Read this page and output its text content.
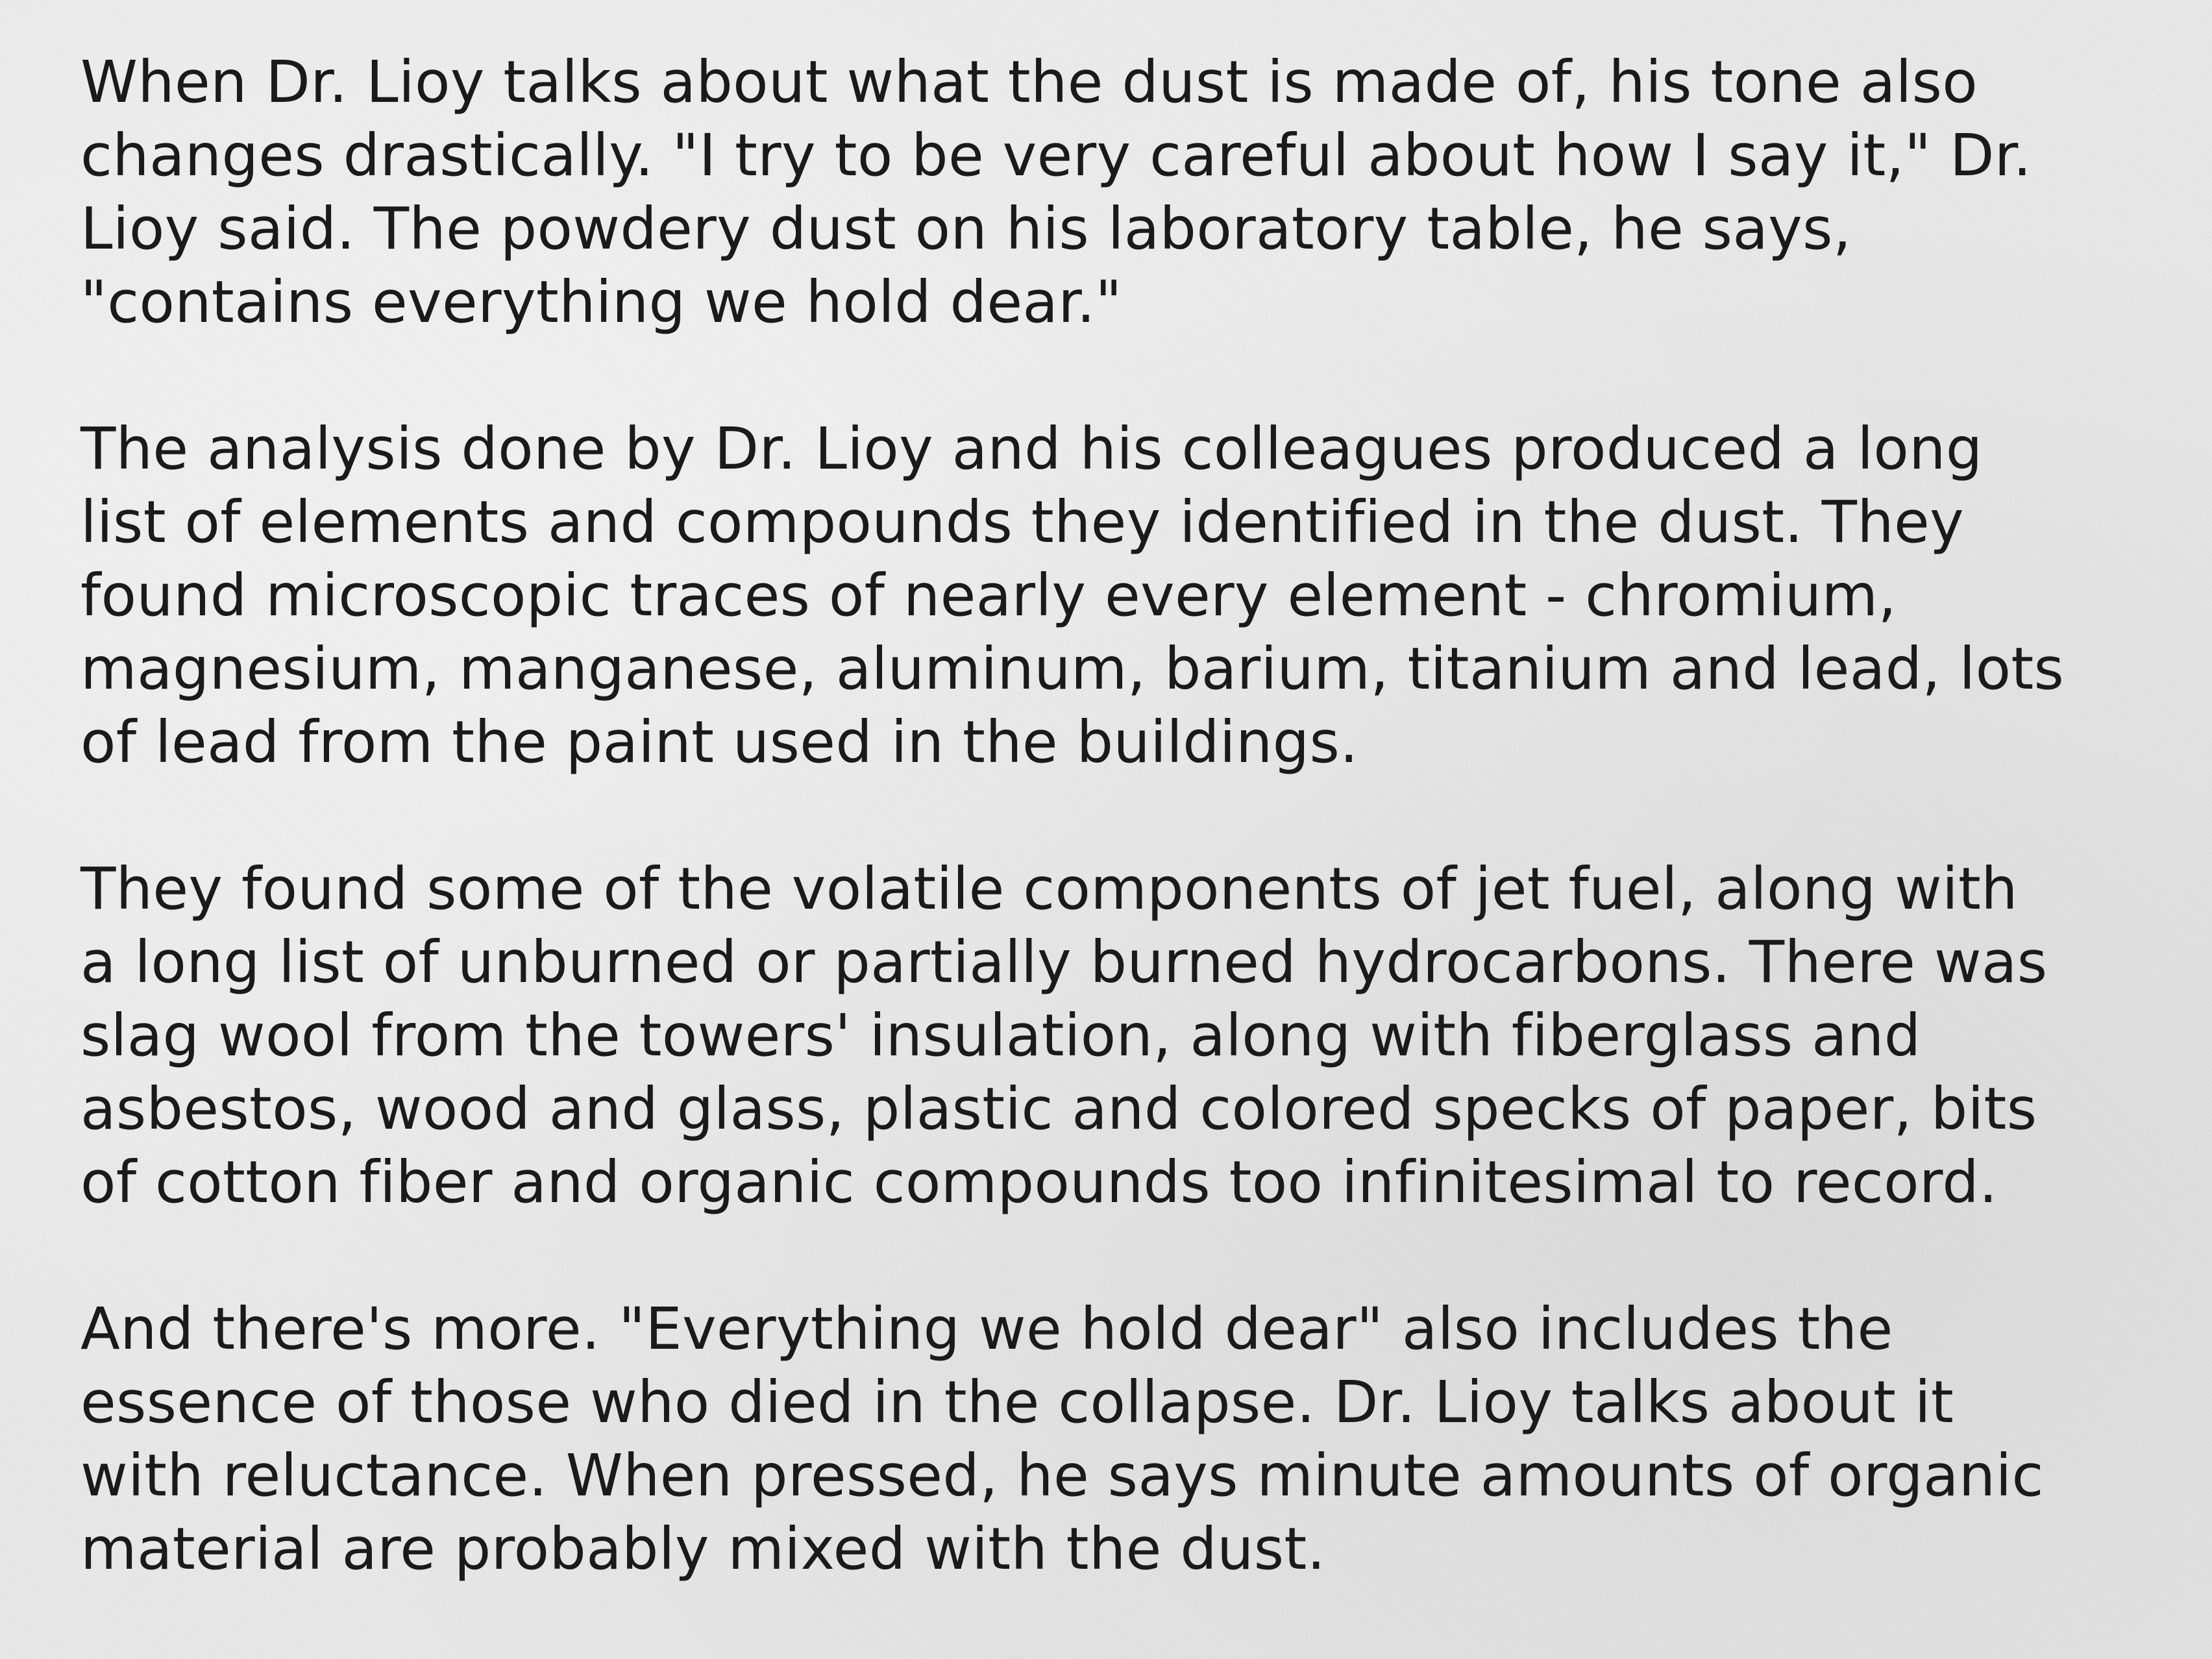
When Dr. Lioy talks about what the dust is made of, his tone also
changes drastically. "I try to be very careful about how I say it," Dr.
Lioy said. The powdery dust on his laboratory table, he says,
"contains everything we hold dear."
The analysis done by Dr. Lioy and his colleagues produced a long
list of elements and compounds they identified in the dust. They
found microscopic traces of nearly every element - chromium,
magnesium, manganese, aluminum, barium, titanium and lead, lots
of lead from the paint used in the buildings.
They found some of the volatile components of jet fuel, along with
a long list of unburned or partially burned hydrocarbons. There was
slag wool from the towers' insulation, along with fiberglass and
asbestos, wood and glass, plastic and colored specks of paper, bits
of cotton fiber and organic compounds too infinitesimal to record.
And there's more. "Everything we hold dear" also includes the
essence of those who died in the collapse. Dr. Lioy talks about it
with reluctance. When pressed, he says minute amounts of organic
material are probably mixed with the dust.
